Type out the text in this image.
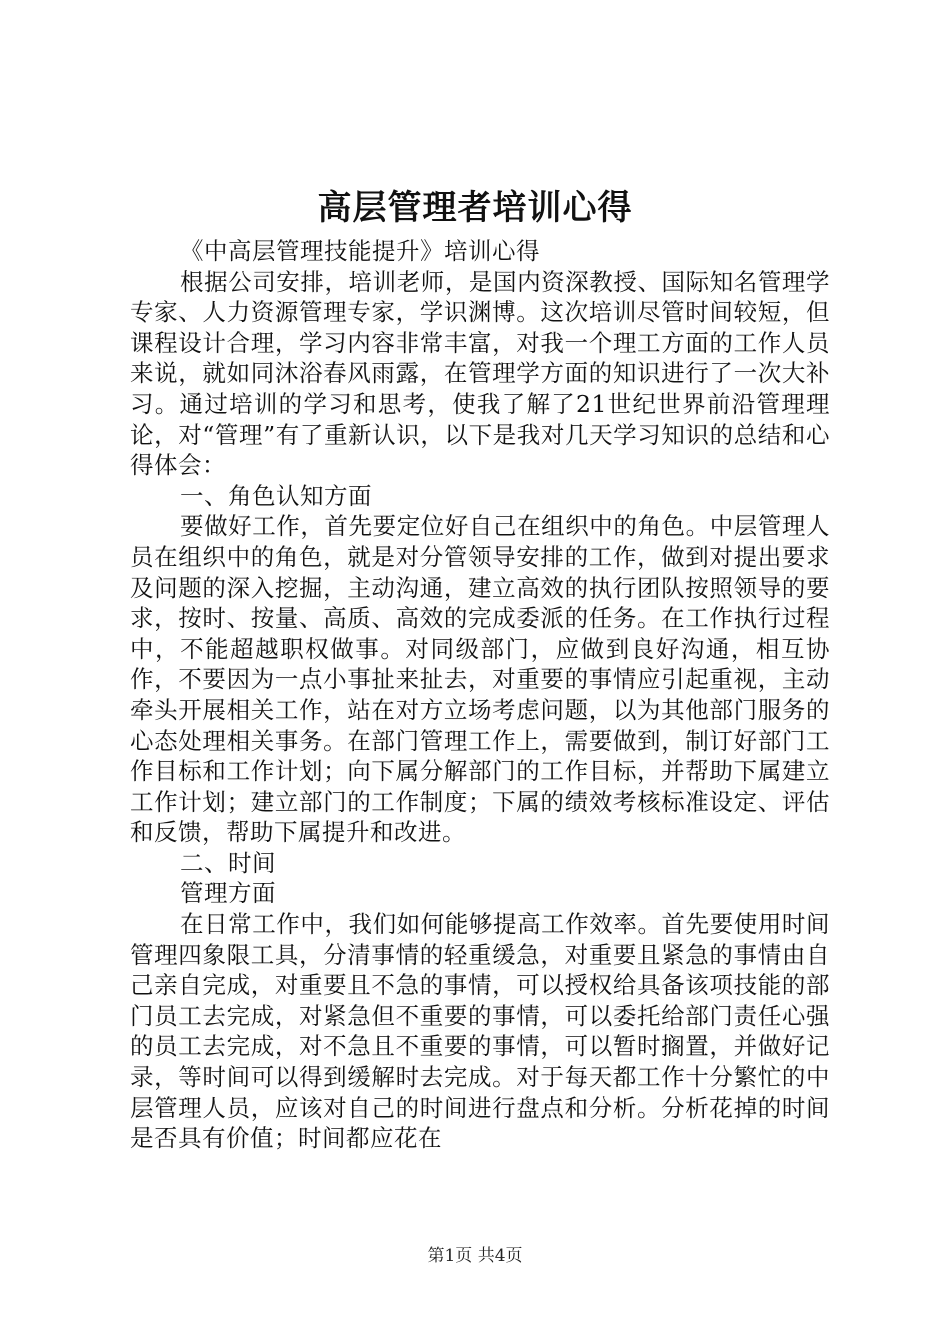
高层管理者培训心得

《中高层管理技能提升》培训心得

根据公司安排，培训老师，是国内资深教授、国际知名管理学专家、人力资源管理专家，学识渊博。这次培训尽管时间较短，但课程设计合理，学习内容非常丰富，对我一个理工方面的工作人员来说，就如同沐浴春风雨露，在管理学方面的知识进行了一次大补习。通过培训的学习和思考，使我了解了21世纪世界前沿管理理论，对“管理”有了重新认识，以下是我对几天学习知识的总结和心得体会：

一、角色认知方面

要做好工作，首先要定位好自己在组织中的角色。中层管理人员在组织中的角色，就是对分管领导安排的工作，做到对提出要求及问题的深入挖掘，主动沟通，建立高效的执行团队按照领导的要求，按时、按量、高质、高效的完成委派的任务。在工作执行过程中，不能超越职权做事。对同级部门，应做到良好沟通，相互协作，不要因为一点小事扯来扯去，对重要的事情应引起重视，主动牵头开展相关工作，站在对方立场考虑问题，以为其他部门服务的心态处理相关事务。在部门管理工作上，需要做到，制订好部门工作目标和工作计划；向下属分解部门的工作目标，并帮助下属建立工作计划；建立部门的工作制度；下属的绩效考核标准设定、评估和反馈，帮助下属提升和改进。

二、时间

管理方面

在日常工作中，我们如何能够提高工作效率。首先要使用时间管理四象限工具，分清事情的轻重缓急，对重要且紧急的事情由自己亲自完成，对重要且不急的事情，可以授权给具备该项技能的部门员工去完成，对紧急但不重要的事情，可以委托给部门责任心强的员工去完成，对不急且不重要的事情，可以暂时搁置，并做好记录，等时间可以得到缓解时去完成。对于每天都工作十分繁忙的中层管理人员，应该对自己的时间进行盘点和分析。分析花掉的时间是否具有价值；时间都应花在

第1页 共4页
